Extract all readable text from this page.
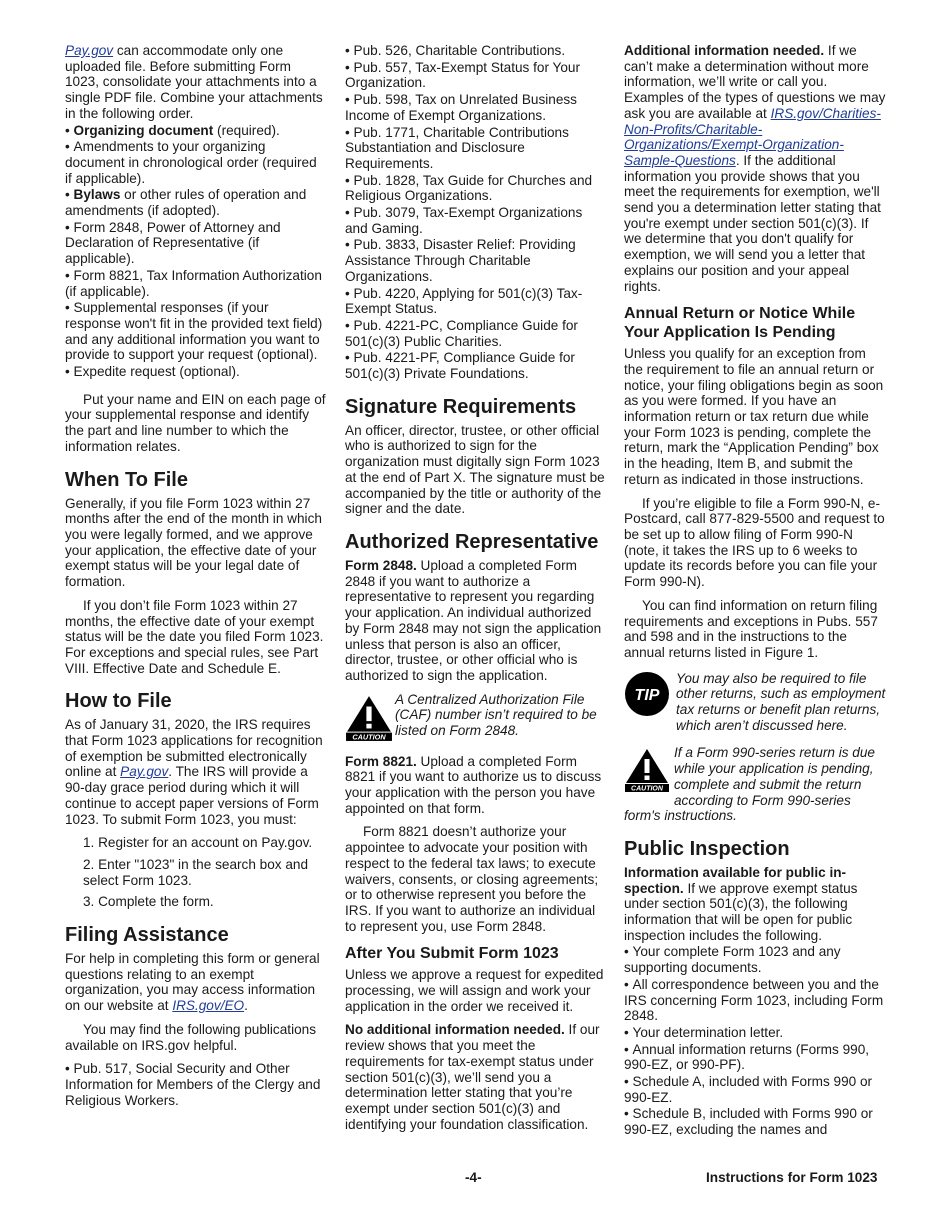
Pay.gov can accommodate only one uploaded file. Before submitting Form 1023, consolidate your attachments into a single PDF file. Combine your attachments in the following order.

• Organizing document (required).
• Amendments to your organizing document in chronological order (required if applicable).
• Bylaws or other rules of operation and amendments (if adopted).
• Form 2848, Power of Attorney and Declaration of Representative (if applicable).
• Form 8821, Tax Information Authorization (if applicable).
• Supplemental responses (if your response won't fit in the provided text field) and any additional information you want to provide to support your request (optional).
• Expedite request (optional).

Put your name and EIN on each page of your supplemental response and identify the part and line number to which the information relates.

When To File

Generally, if you file Form 1023 within 27 months after the end of the month in which you were legally formed, and we approve your application, the effective date of your exempt status will be your legal date of formation.

If you don’t file Form 1023 within 27 months, the effective date of your exempt status will be the date you filed Form 1023. For exceptions and special rules, see Part VIII. Effective Date and Schedule E.

How to File

As of January 31, 2020, the IRS requires that Form 1023 applications for recognition of exemption be submitted electronically online at Pay.gov. The IRS will provide a 90-day grace period during which it will continue to accept paper versions of Form 1023. To submit Form 1023, you must:

1. Register for an account on Pay.gov.

2. Enter "1023" in the search box and select Form 1023.

3. Complete the form.

Filing Assistance

For help in completing this form or general questions relating to an exempt organization, you may access information on our website at IRS.gov/EO.

You may find the following publications available on IRS.gov helpful.

• Pub. 517, Social Security and Other Information for Members of the Clergy and Religious Workers.
• Pub. 526, Charitable Contributions.
• Pub. 557, Tax-Exempt Status for Your Organization.
• Pub. 598, Tax on Unrelated Business Income of Exempt Organizations.
• Pub. 1771, Charitable Contributions Substantiation and Disclosure Requirements.
• Pub. 1828, Tax Guide for Churches and Religious Organizations.
• Pub. 3079, Tax-Exempt Organizations and Gaming.
• Pub. 3833, Disaster Relief: Providing Assistance Through Charitable Organizations.
• Pub. 4220, Applying for 501(c)(3) Tax-Exempt Status.
• Pub. 4221-PC, Compliance Guide for 501(c)(3) Public Charities.
• Pub. 4221-PF, Compliance Guide for 501(c)(3) Private Foundations.
Signature Requirements

An officer, director, trustee, or other official who is authorized to sign for the organization must digitally sign Form 1023 at the end of Part X. The signature must be accompanied by the title or authority of the signer and the date.

Authorized Representative

Form 2848. Upload a completed Form 2848 if you want to authorize a representative to represent you regarding your application. An individual authorized by Form 2848 may not sign the application unless that person is also an officer, director, trustee, or other official who is authorized to sign the application.

CAUTION
A Centralized Authorization File (CAF) number isn’t required to be listed on Form 2848.

Form 8821. Upload a completed Form 8821 if you want to authorize us to discuss your application with the person you have appointed on that form.

Form 8821 doesn’t authorize your appointee to advocate your position with respect to the federal tax laws; to execute waivers, consents, or closing agreements; or to otherwise represent you before the IRS. If you want to authorize an individual to represent you, use Form 2848.

After You Submit Form 1023

Unless we approve a request for expedited processing, we will assign and work your application in the order we received it.

No additional information needed. If our review shows that you meet the requirements for tax-exempt status under section 501(c)(3), we’ll send you a determination letter stating that you’re exempt under section 501(c)(3) and identifying your foundation classification.

Additional information needed. If we can’t make a determination without more information, we’ll write or call you. Examples of the types of questions we may ask you are available at IRS.gov/Charities-Non-Profits/Charitable-Organizations/Exempt-Organization-Sample-Questions. If the additional information you provide shows that you meet the requirements for exemption, we'll send you a determination letter stating that you're exempt under section 501(c)(3). If we determine that you don't qualify for exemption, we will send you a letter that explains our position and your appeal rights.

Annual Return or Notice While Your Application Is Pending

Unless you qualify for an exception from the requirement to file an annual return or notice, your filing obligations begin as soon as you were formed. If you have an information return or tax return due while your Form 1023 is pending, complete the return, mark the “Application Pending” box in the heading, Item B, and submit the return as indicated in those instructions.

If you’re eligible to file a Form 990-N, e-Postcard, call 877-829-5500 and request to be set up to allow filing of Form 990-N (note, it takes the IRS up to 6 weeks to update its records before you can file your Form 990-N).

You can find information on return filing requirements and exceptions in Pubs. 557 and 598 and in the instructions to the annual returns listed in Figure 1.

TIP
You may also be required to file other returns, such as employment tax returns or benefit plan returns, which aren’t discussed here.
CAUTION
If a Form 990-series return is due while your application is pending, complete and submit the return according to Form 990-series form's instructions.
Public Inspection

Information available for public in-spection. If we approve exempt status under section 501(c)(3), the following information that will be open for public inspection includes the following.

• Your complete Form 1023 and any supporting documents.
• All correspondence between you and the IRS concerning Form 1023, including Form 2848.
• Your determination letter.
• Annual information returns (Forms 990, 990-EZ, or 990-PF).
• Schedule A, included with Forms 990 or 990-EZ.
• Schedule B, included with Forms 990 or 990-EZ, excluding the names and
-4-	Instructions for Form 1023
